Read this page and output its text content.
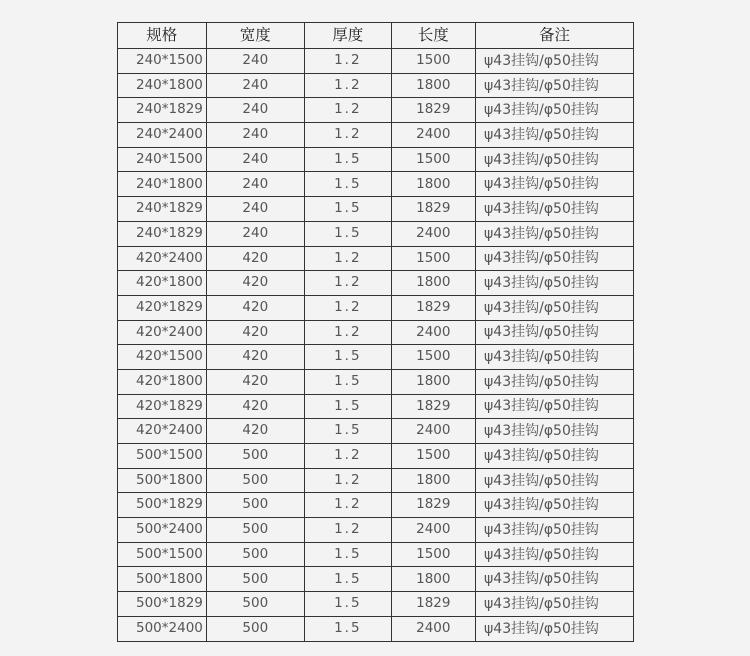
规格	宽度	厚度	长度	备注
240*1500	240	1.2	1500	ψ43挂钩/φ50挂钩
240*1800	240	1.2	1800	ψ43挂钩/φ50挂钩
240*1829	240	1.2	1829	ψ43挂钩/φ50挂钩
240*2400	240	1.2	2400	ψ43挂钩/φ50挂钩
240*1500	240	1.5	1500	ψ43挂钩/φ50挂钩
240*1800	240	1.5	1800	ψ43挂钩/φ50挂钩
240*1829	240	1.5	1829	ψ43挂钩/φ50挂钩
240*1829	240	1.5	2400	ψ43挂钩/φ50挂钩
420*2400	420	1.2	1500	ψ43挂钩/φ50挂钩
420*1800	420	1.2	1800	ψ43挂钩/φ50挂钩
420*1829	420	1.2	1829	ψ43挂钩/φ50挂钩
420*2400	420	1.2	2400	ψ43挂钩/φ50挂钩
420*1500	420	1.5	1500	ψ43挂钩/φ50挂钩
420*1800	420	1.5	1800	ψ43挂钩/φ50挂钩
420*1829	420	1.5	1829	ψ43挂钩/φ50挂钩
420*2400	420	1.5	2400	ψ43挂钩/φ50挂钩
500*1500	500	1.2	1500	ψ43挂钩/φ50挂钩
500*1800	500	1.2	1800	ψ43挂钩/φ50挂钩
500*1829	500	1.2	1829	ψ43挂钩/φ50挂钩
500*2400	500	1.2	2400	ψ43挂钩/φ50挂钩
500*1500	500	1.5	1500	ψ43挂钩/φ50挂钩
500*1800	500	1.5	1800	ψ43挂钩/φ50挂钩
500*1829	500	1.5	1829	ψ43挂钩/φ50挂钩
500*2400	500	1.5	2400	ψ43挂钩/φ50挂钩
